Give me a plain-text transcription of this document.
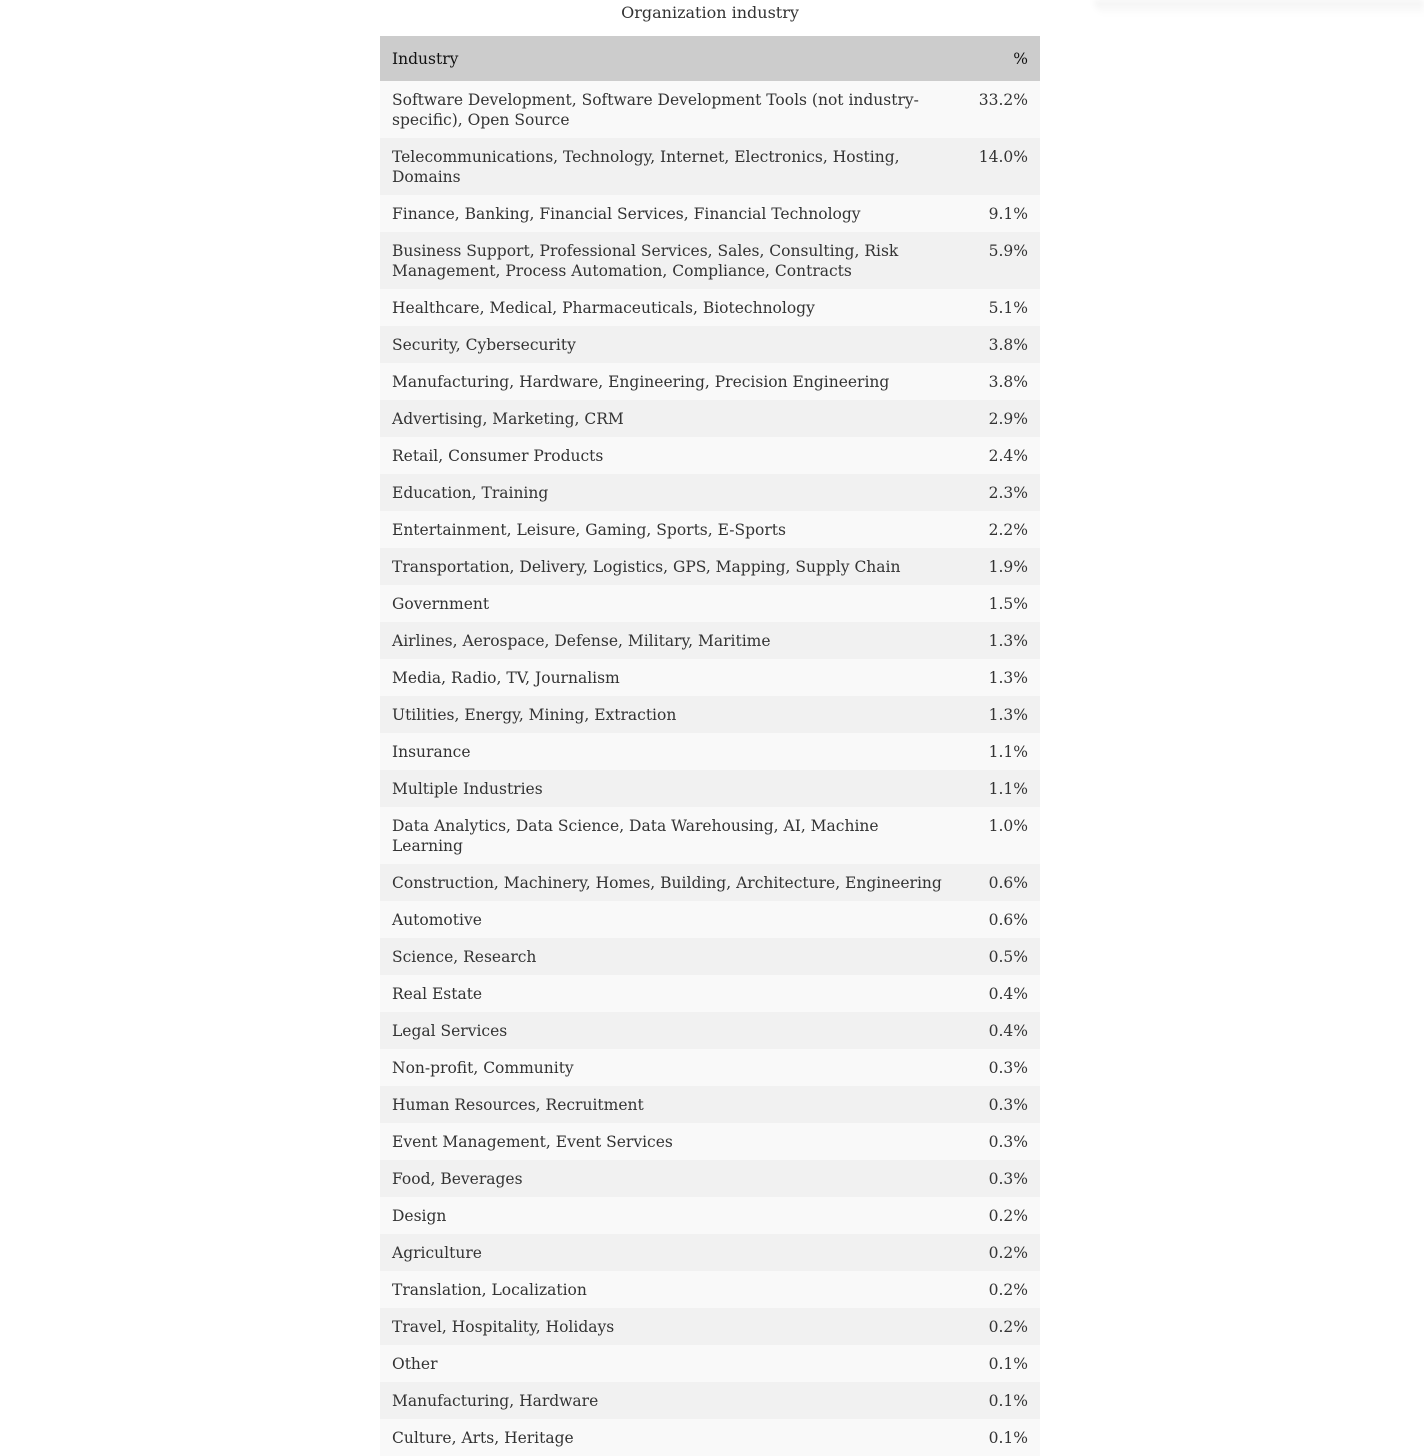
Organization industry
Industry	%
Software Development, Software Development Tools (not industry-specific), Open Source	33.2%
Telecommunications, Technology, Internet, Electronics, Hosting, Domains	14.0%
Finance, Banking, Financial Services, Financial Technology	9.1%
Business Support, Professional Services, Sales, Consulting, Risk Management, Process Automation, Compliance, Contracts	5.9%
Healthcare, Medical, Pharmaceuticals, Biotechnology	5.1%
Security, Cybersecurity	3.8%
Manufacturing, Hardware, Engineering, Precision Engineering	3.8%
Advertising, Marketing, CRM	2.9%
Retail, Consumer Products	2.4%
Education, Training	2.3%
Entertainment, Leisure, Gaming, Sports, E-Sports	2.2%
Transportation, Delivery, Logistics, GPS, Mapping, Supply Chain	1.9%
Government	1.5%
Airlines, Aerospace, Defense, Military, Maritime	1.3%
Media, Radio, TV, Journalism	1.3%
Utilities, Energy, Mining, Extraction	1.3%
Insurance	1.1%
Multiple Industries	1.1%
Data Analytics, Data Science, Data Warehousing, AI, Machine Learning	1.0%
Construction, Machinery, Homes, Building, Architecture, Engineering	0.6%
Automotive	0.6%
Science, Research	0.5%
Real Estate	0.4%
Legal Services	0.4%
Non-profit, Community	0.3%
Human Resources, Recruitment	0.3%
Event Management, Event Services	0.3%
Food, Beverages	0.3%
Design	0.2%
Agriculture	0.2%
Translation, Localization	0.2%
Travel, Hospitality, Holidays	0.2%
Other	0.1%
Manufacturing, Hardware	0.1%
Culture, Arts, Heritage	0.1%
